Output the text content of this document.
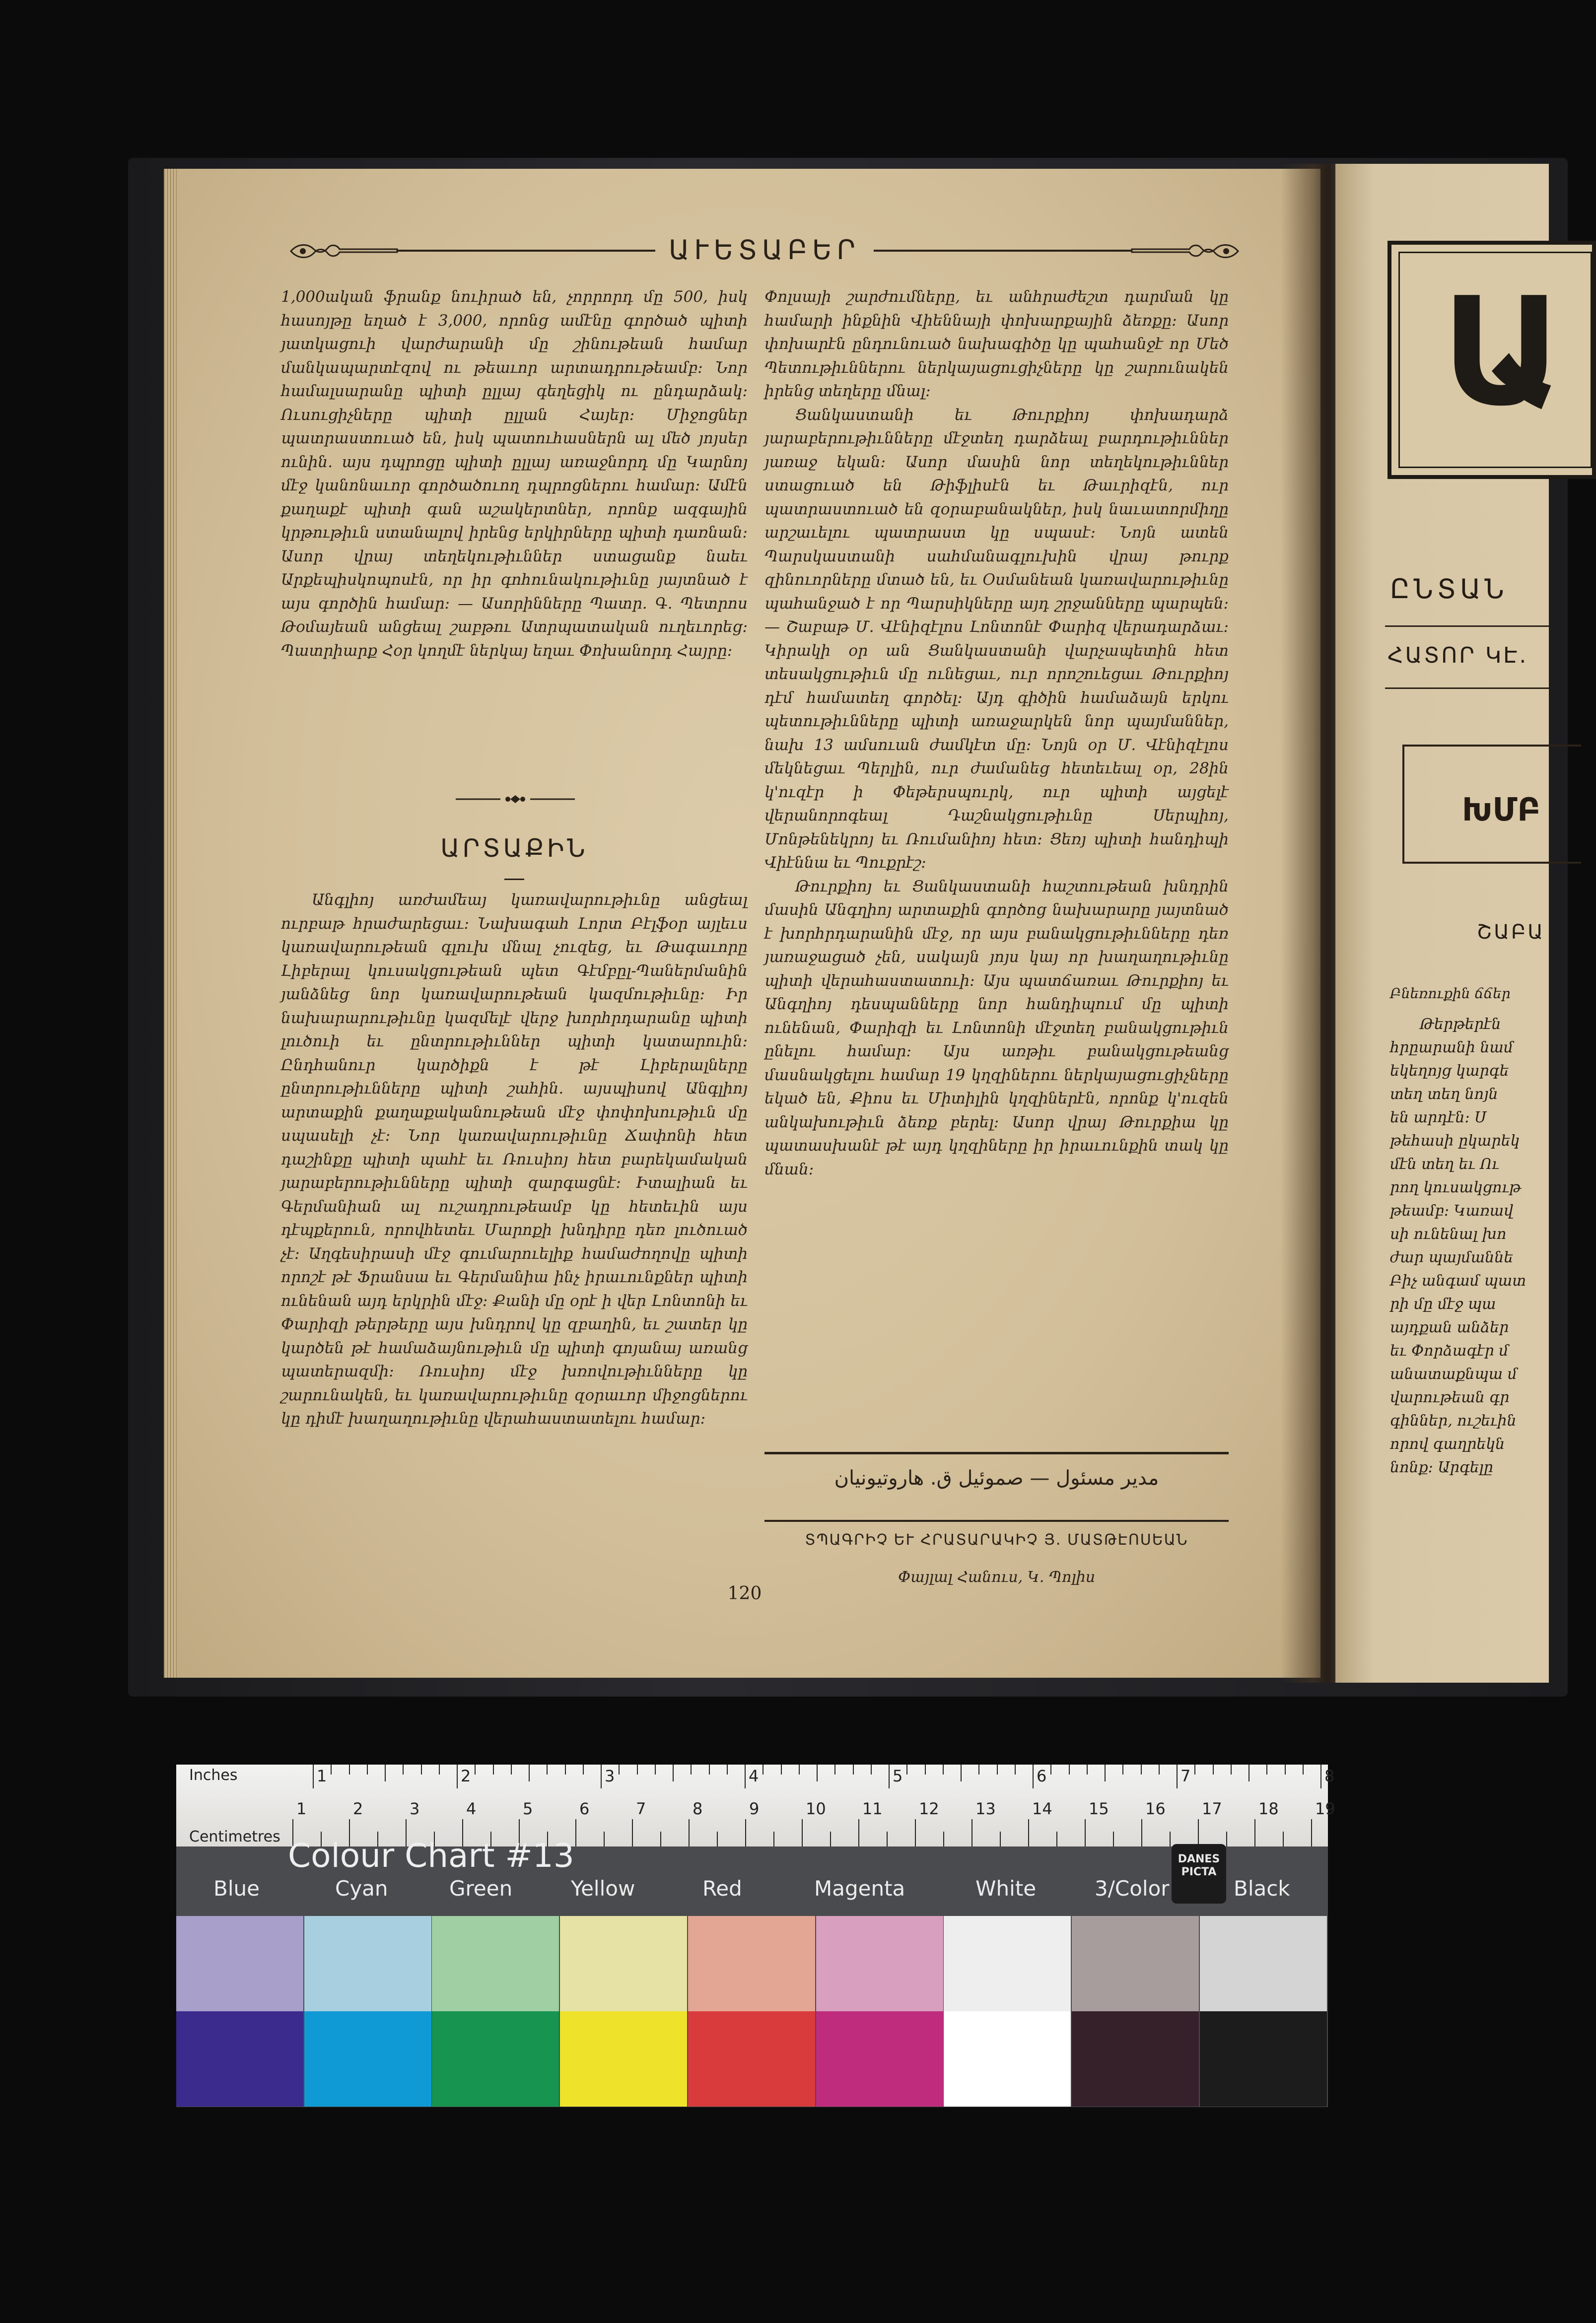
ԱՒԵՏԱԲԵՐ

1,000ական ֆրանք նուիրած են, չորրորդ մը 500, իսկ հասոյթը եղած է 3,000, որոնց ամէնը գործած պիտի յատկացուի վարժարանի մը շինութեան համար մանկապարտէզով ու թեաւոր արտադրութեամբ: Նոր համալսարանը պիտի ըլլայ գեղեցիկ ու ընդարձակ: Ուսուցիչները պիտի ըլլան Հայեր: Միջոցներ պատրաստուած են, իսկ պատուհասներն ալ մեծ յոյսեր ունին. այս դպրոցը պիտի ըլլայ առաջնորդ մը Կարնոյ մէջ կանոնաւոր գործածուող դպրոցներու համար: Ամէն քաղաքէ պիտի գան աշակերտներ, որոնք ազգային կրթութիւն ստանալով իրենց երկիրները պիտի դառնան: Ասոր վրայ տեղեկութիւններ ստացանք նաեւ Արքեպիսկոպոսէն, որ իր գոհունակութիւնը յայտնած է այս գործին համար: — Ասորինները Պատր. Գ. Պետրոս Թօմայեան անցեալ շաբթու Ատրպատական ուղեւորեց: Պատրիարք Հօր կողմէ ներկայ եղաւ Փոխանորդ Հայրը:

ԱՐՏԱՔԻՆ

Անգլիոյ առժամեայ կառավարութիւնը անցեալ ուրբաթ հրաժարեցաւ: Նախագահ Լորտ Բէլֆօր այլեւս կառավարութեան գլուխ մնալ չուզեց, եւ Թագաւորը Լիբերալ կուսակցութեան պետ Գէմբըլ-Պաներմանին յանձնեց նոր կառավարութեան կազմութիւնը: Իր նախարարութիւնը կազմելէ վերջ խորհրդարանը պիտի լուծուի եւ ընտրութիւններ պիտի կատարուին: Ընդհանուր կարծիքն է թէ Լիբերալները ընտրութիւնները պիտի շահին. այսպիսով Անգլիոյ արտաքին քաղաքականութեան մէջ փոփոխութիւն մը սպասելի չէ: Նոր կառավարութիւնը Ճափոնի հետ դաշինքը պիտի պահէ եւ Ռուսիոյ հետ բարեկամական յարաբերութիւնները պիտի զարգացնէ: Իտալիան եւ Գերմանիան ալ ուշադրութեամբ կը հետեւին այս դէպքերուն, որովհետեւ Մարոքի խնդիրը դեռ լուծուած չէ: Աղգեսիրասի մէջ գումարուելիք համաժողովը պիտի որոշէ թէ Ֆրանսա եւ Գերմանիա ինչ իրաւունքներ պիտի ունենան այդ երկրին մէջ: Քանի մը օրէ ի վեր Լոնտոնի եւ Փարիզի թերթերը այս խնդրով կը զբաղին, եւ շատեր կը կարծեն թէ համաձայնութիւն մը պիտի գոյանայ առանց պատերազմի: Ռուսիոյ մէջ խռովութիւնները կը շարունակեն, եւ կառավարութիւնը զօրաւոր միջոցներու կը դիմէ խաղաղութիւնը վերահաստատելու համար:

Փոլսայի շարժումները, եւ անհրաժեշտ դարման կը համարի ինքնին Վիեննայի փոխարքային ձեռքը: Ասոր փոխարէն ընդունուած նախագիծը կը պահանջէ որ Մեծ Պետութիւններու ներկայացուցիչները կը շարունակեն իրենց տեղերը մնալ:

Ցանկաստանի եւ Թուրքիոյ փոխադարձ յարաբերութիւնները մէջտեղ դարձեալ բարդութիւններ յառաջ եկան: Ասոր մասին նոր տեղեկութիւններ ստացուած են Թիֆլիսէն եւ Թաւրիզէն, ուր պատրաստուած են զօրաբանակներ, իսկ նաւատորմիղը արշաւելու պատրաստ կը սպասէ: Նոյն ատեն Պարսկաստանի սահմանագլուխին վրայ թուրք զինուորները մտած են, եւ Օսմանեան կառավարութիւնը պահանջած է որ Պարսիկները այդ շրջանները պարպեն: — Շաբաթ Մ. Վէնիզէլոս Լոնտոնէ Փարիզ վերադարձաւ: Կիրակի օր ան Ցանկաստանի վարչապետին հետ տեսակցութիւն մը ունեցաւ, ուր որոշուեցաւ Թուրքիոյ դէմ համատեղ գործել: Այդ գիծին համաձայն երկու պետութիւնները պիտի առաջարկեն նոր պայմաններ, նախ 13 ամսուան ժամկէտ մը: Նոյն օր Մ. Վէնիզէլոս մեկնեցաւ Պերլին, ուր ժամանեց հետեւեալ օր, 28ին կ'ուզէր ի Փեթերսպուրկ, ուր պիտի այցելէ վերանորոգեալ Դաշնակցութիւնը Սերպիոյ, Մոնթենեկրոյ եւ Ռումանիոյ հետ: Ցեռյ պիտի հանդիպի Վիէննա եւ Պուքրէշ:

Թուրքիոյ եւ Ցանկաստանի հաշտութեան խնդրին մասին Անգղիոյ արտաքին գործոց նախարարը յայտնած է խորհրդարանին մէջ, որ այս բանակցութիւնները դեռ յառաջացած չեն, սակայն յոյս կայ որ խաղաղութիւնը պիտի վերահաստատուի: Այս պատճառաւ Թուրքիոյ եւ Անգղիոյ դեսպանները նոր հանդիպում մը պիտի ունենան, Փարիզի եւ Լոնտոնի մէջտեղ բանակցութիւն ընելու համար: Այս առթիւ բանակցութեանց մասնակցելու համար 19 կղզիներու ներկայացուցիչները եկած են, Քիոս եւ Միտիլին կղզիներէն, որոնք կ'ուզեն անկախութիւն ձեռք բերել: Ասոր վրայ Թուրքիա կը պատասխանէ թէ այդ կղզիները իր իրաւունքին տակ կը մնան:

مدیر مسئول — صموئیل ق. هاروتیونیان
ՏՊԱԳՐԻՉ ԵՒ ՀՐԱՏԱՐԱԿԻՉ Յ. ՄԱՏԹԷՈՍԵԱՆ
Փայլալ Հանուս, Կ. Պոլիս
120
Ա
ԸՆՏԱՆ
ՀԱՏՈՐ ԿԷ.
ԽՄԲ
ՇԱԲԱ
Բնեռուքին ճճեր
Թերթերէն
հրըարանի նամ
եկեղոյց կարգե
տեղ տեղ նոյն
են արդէն: Ս
թեհասի ըկարեկ
մէն տեղ եւ Ու
րող կուսակցութ
թեամբ: Կառավ
սի ունենալ խո
ժար պայմաննե
Բիչ անգամ պատ
րի մը մէջ պա
այդքան անձեր
եւ Փորձագէր մ
անատաքնպա մ
վարութեան գր
գիններ, ուշեւին
որով գաղրեկն
նոնք: Արգելը
Inches
Centimetres
1	2	3	4	5	6	7	8
1	2	3	4	5	6	7	8	9	10 11 12 13 14 15 16 17 18 19
Colour Chart #13	DANES PICTA
Blue	Cyan	Green	Yellow	Red	Magenta	White	3/Color	Black
